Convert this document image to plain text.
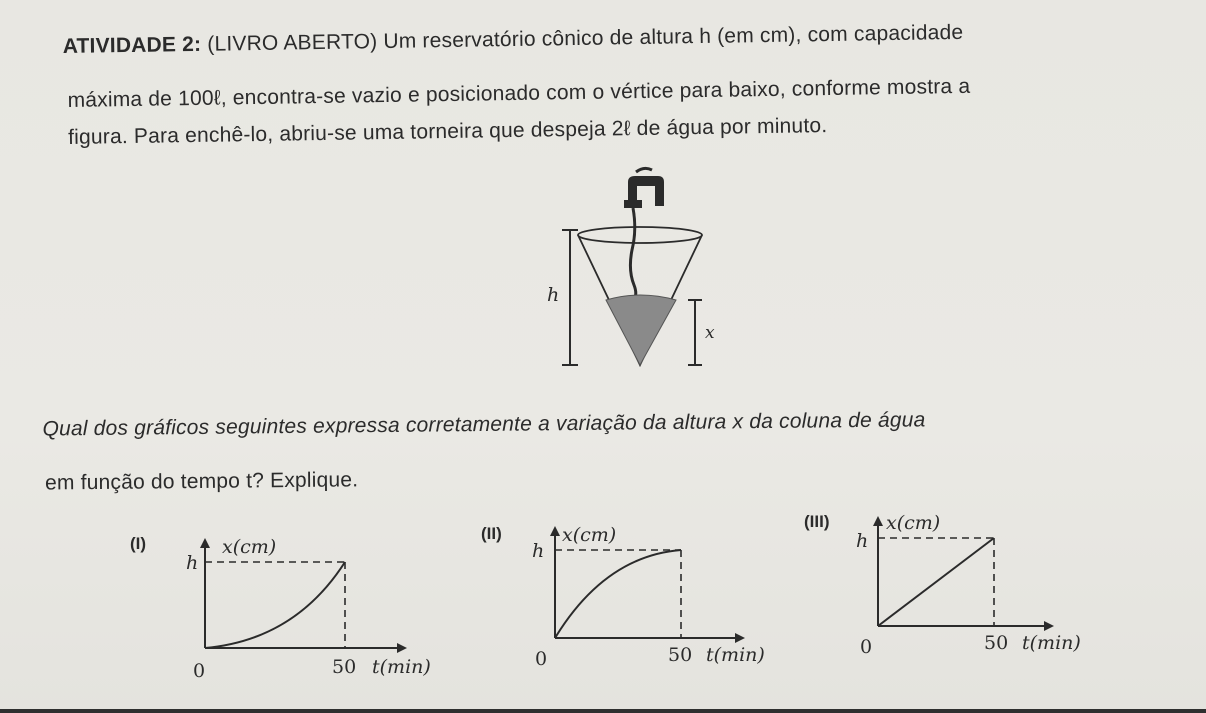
ATIVIDADE 2: (LIVRO ABERTO) Um reservatório cônico de altura h (em cm), com capacidade
máxima de 100ℓ, encontra-se vazio e posicionado com o vértice para baixo, conforme mostra a
figura. Para enchê-lo, abriu-se uma torneira que despeja 2ℓ de água por minuto.
h
x
Qual dos gráficos seguintes expressa corretamente a variação da altura x da coluna de água
em função do tempo t? Explique.
(I)	x(cm)
h
0	50 t(min)
(II)	x(cm)
h
0	50 t(min)
(III)	x(cm)
h
0	50 t(min)
